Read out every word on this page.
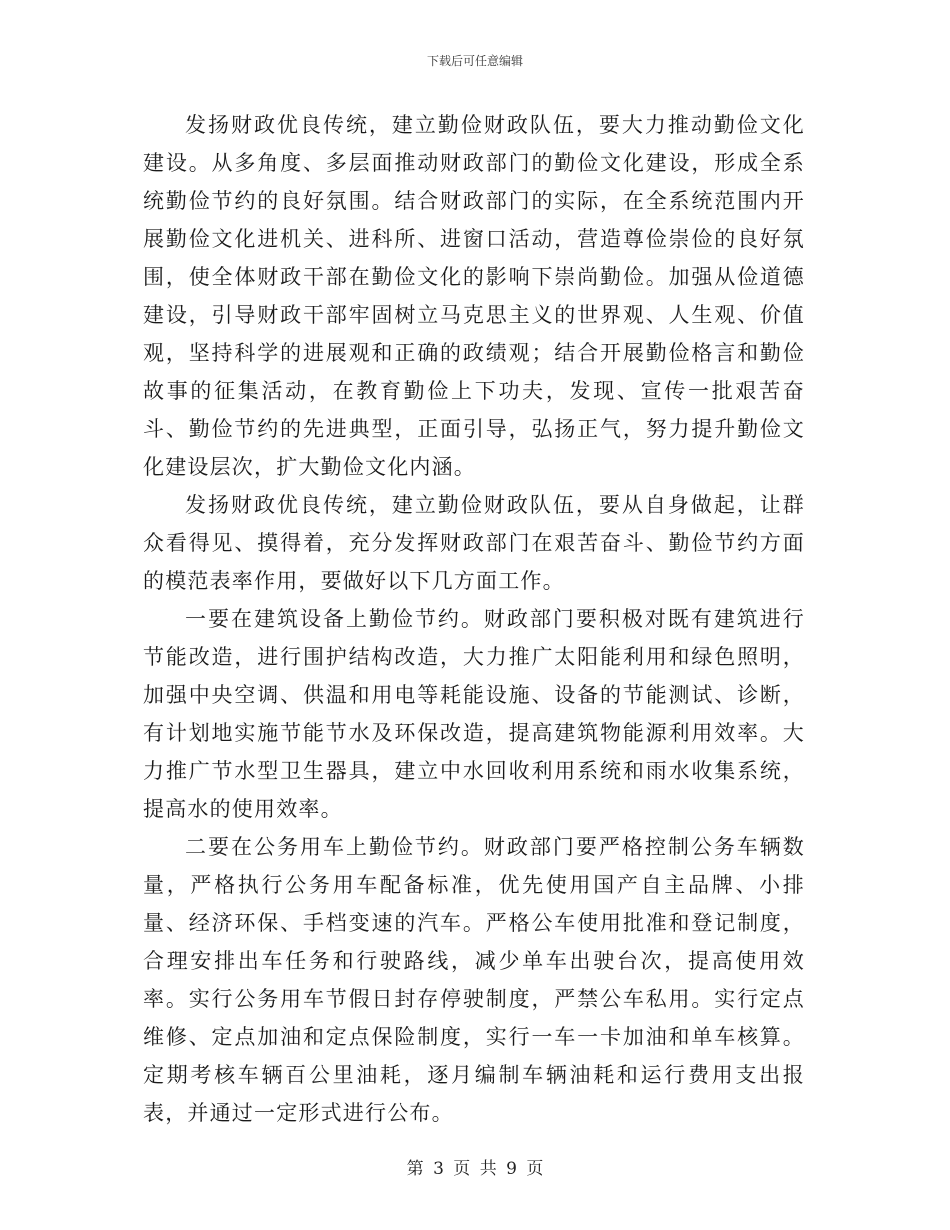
下载后可任意编辑

发扬财政优良传统，建立勤俭财政队伍，要大力推动勤俭文化建设。从多角度、多层面推动财政部门的勤俭文化建设，形成全系统勤俭节约的良好氛围。结合财政部门的实际，在全系统范围内开展勤俭文化进机关、进科所、进窗口活动，营造尊俭崇俭的良好氛围，使全体财政干部在勤俭文化的影响下崇尚勤俭。加强从俭道德建设，引导财政干部牢固树立马克思主义的世界观、人生观、价值观，坚持科学的进展观和正确的政绩观；结合开展勤俭格言和勤俭故事的征集活动，在教育勤俭上下功夫，发现、宣传一批艰苦奋斗、勤俭节约的先进典型，正面引导，弘扬正气，努力提升勤俭文化建设层次，扩大勤俭文化内涵。

发扬财政优良传统，建立勤俭财政队伍，要从自身做起，让群众看得见、摸得着，充分发挥财政部门在艰苦奋斗、勤俭节约方面的模范表率作用，要做好以下几方面工作。

一要在建筑设备上勤俭节约。财政部门要积极对既有建筑进行节能改造，进行围护结构改造，大力推广太阳能利用和绿色照明，加强中央空调、供温和用电等耗能设施、设备的节能测试、诊断，有计划地实施节能节水及环保改造，提高建筑物能源利用效率。大力推广节水型卫生器具，建立中水回收利用系统和雨水收集系统，提高水的使用效率。

二要在公务用车上勤俭节约。财政部门要严格控制公务车辆数量，严格执行公务用车配备标准，优先使用国产自主品牌、小排量、经济环保、手档变速的汽车。严格公车使用批准和登记制度，合理安排出车任务和行驶路线，减少单车出驶台次，提高使用效率。实行公务用车节假日封存停驶制度，严禁公车私用。实行定点维修、定点加油和定点保险制度，实行一车一卡加油和单车核算。定期考核车辆百公里油耗，逐月编制车辆油耗和运行费用支出报表，并通过一定形式进行公布。

第 3 页 共 9 页
